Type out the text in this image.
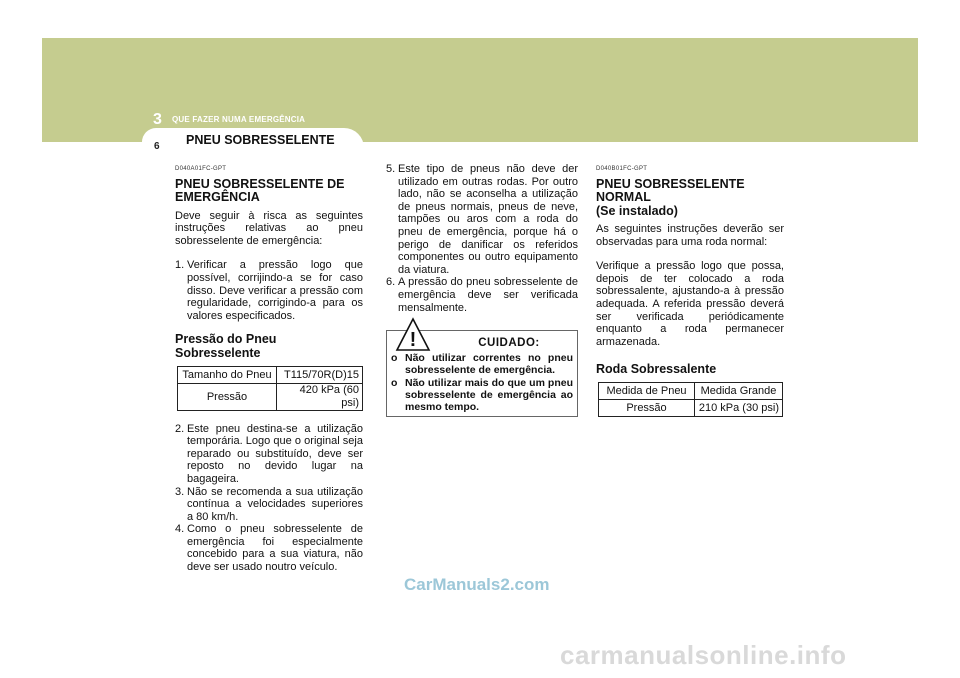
3 QUE FAZER NUMA EMERGÊNCIA
6 PNEU SOBRESSELENTE
D040A01FC-GPT
PNEU SOBRESSELENTE DE EMERGÊNCIA
Deve seguir à risca as seguintes instruções relativas ao pneu sobresselente de emergência:
1. Verificar a pressão logo que possível, corrijindo-a se for caso disso. Deve verificar a pressão com regularidade, corrigindo-a para os valores especificados.
Pressão do Pneu Sobresselente
Tamanho do Pneu	T115/70R(D)15
Pressão	420 kPa (60 psi)
2. Este pneu destina-se a utilização temporária. Logo que o original seja reparado ou substituído, deve ser reposto no devido lugar na bagageira.
3. Não se recomenda a sua utilização contínua a velocidades superiores a 80 km/h.
4. Como o pneu sobresselente de emergência foi especialmente concebido para a sua viatura, não deve ser usado noutro veículo.
5. Este tipo de pneus não deve der utilizado em outras rodas. Por outro lado, não se aconselha a utilização de pneus normais, pneus de neve, tampões ou aros com a roda do pneu de emergência, porque há o perigo de danificar os referidos componentes ou outro equipamento da viatura.
6. A pressão do pneu sobresselente de emergência deve ser verificada mensalmente.
!	CUIDADO:
o Não utilizar correntes no pneu sobresselente de emergência.
o Não utilizar mais do que um pneu sobresselente de emergência ao mesmo tempo.
D040B01FC-GPT
PNEU SOBRESSELENTE NORMAL
(Se instalado)
As seguintes instruções deverão ser observadas para uma roda normal:
Verifique a pressão logo que possa, depois de ter colocado a roda sobressalente, ajustando-a à pressão adequada. A referida pressão deverá ser verificada periódicamente enquanto a roda permanecer armazenada.
Roda Sobressalente
Medida de Pneu	Medida Grande
Pressão	210 kPa (30 psi)
CarManuals2.com
carmanualsonline.info
